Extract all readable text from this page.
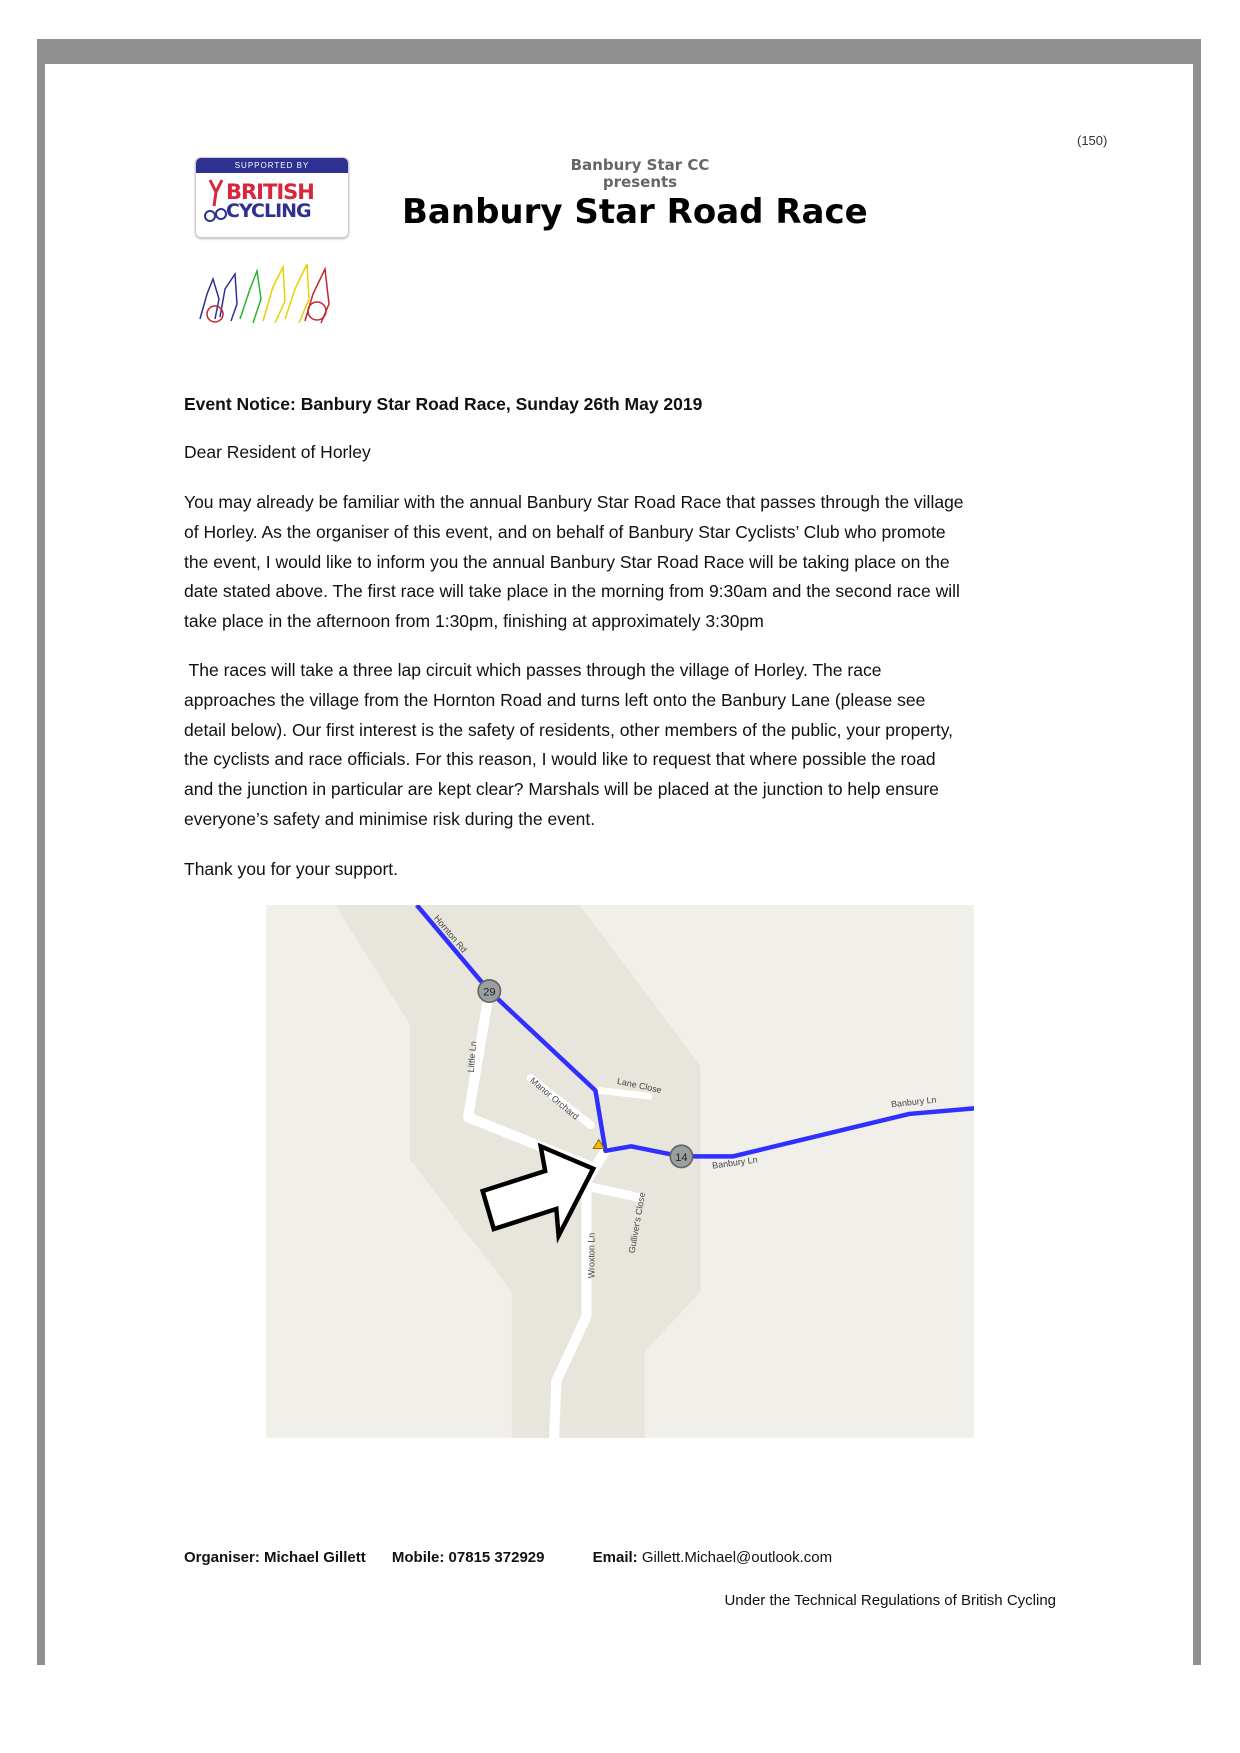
(150)
SUPPORTED BY
BRITISH
CYCLING
Banbury Star CC
presents
Banbury Star Road Race
Event Notice: Banbury Star Road Race, Sunday 26th May 2019
Dear Resident of Horley
You may already be familiar with the annual Banbury Star Road Race that passes through the village
of Horley. As the organiser of this event, and on behalf of Banbury Star Cyclists’ Club who promote
the event, I would like to inform you the annual Banbury Star Road Race will be taking place on the
date stated above. The first race will take place in the morning from 9:30am and the second race will
take place in the afternoon from 1:30pm, finishing at approximately 3:30pm
The races will take a three lap circuit which passes through the village of Horley. The race
approaches the village from the Hornton Road and turns left onto the Banbury Lane (please see
detail below). Our first interest is the safety of residents, other members of the public, your property,
the cyclists and race officials. For this reason, I would like to request that where possible the road
and the junction in particular are kept clear? Marshals will be placed at the junction to help ensure
everyone’s safety and minimise risk during the event.
Thank you for your support.
Hornton Rd
Little Ln
Manor Orchard	Lane Close
Banbury Ln
Banbury Ln
Gulliver's Close
Wroxton Ln
29
14
Organiser: Michael Gillett Mobile: 07815 372929	Email: Gillett.Michael@outlook.com
Under the Technical Regulations of British Cycling
